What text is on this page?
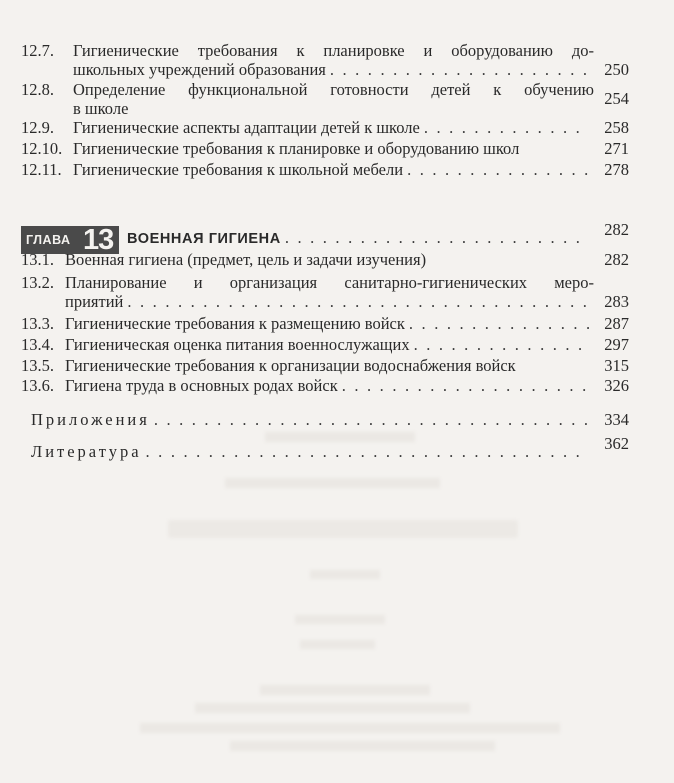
12.7.	Гигиенические требования к планировке и оборудованию до-
школьных учреждений образования . . .	250
12.8.	Определение функциональной готовности детей к обучению
в школе
254
12.9.	Гигиенические аспекты адаптации детей к школе . . .	258
12.10. Гигиенические требования к планировке и оборудованию школ	271
12.11. Гигиенические требования к школьной мебели . . .	278
ГЛАВА 13 ВОЕННАЯ ГИГИЕНА . . .	282
13.1. Военная гигиена (предмет, цель и задачи изучения)	282
13.2. Планирование и организация санитарно-гигиенических меро-
приятий . . .	283
13.3. Гигиенические требования к размещению войск . . .	287
13.4. Гигиеническая оценка питания военнослужащих . . .	297
13.5. Гигиенические требования к организации водоснабжения войск	315
13.6. Гигиена труда в основных родах войск . . .	326
Приложения . . .	334
Литература . . .	362
